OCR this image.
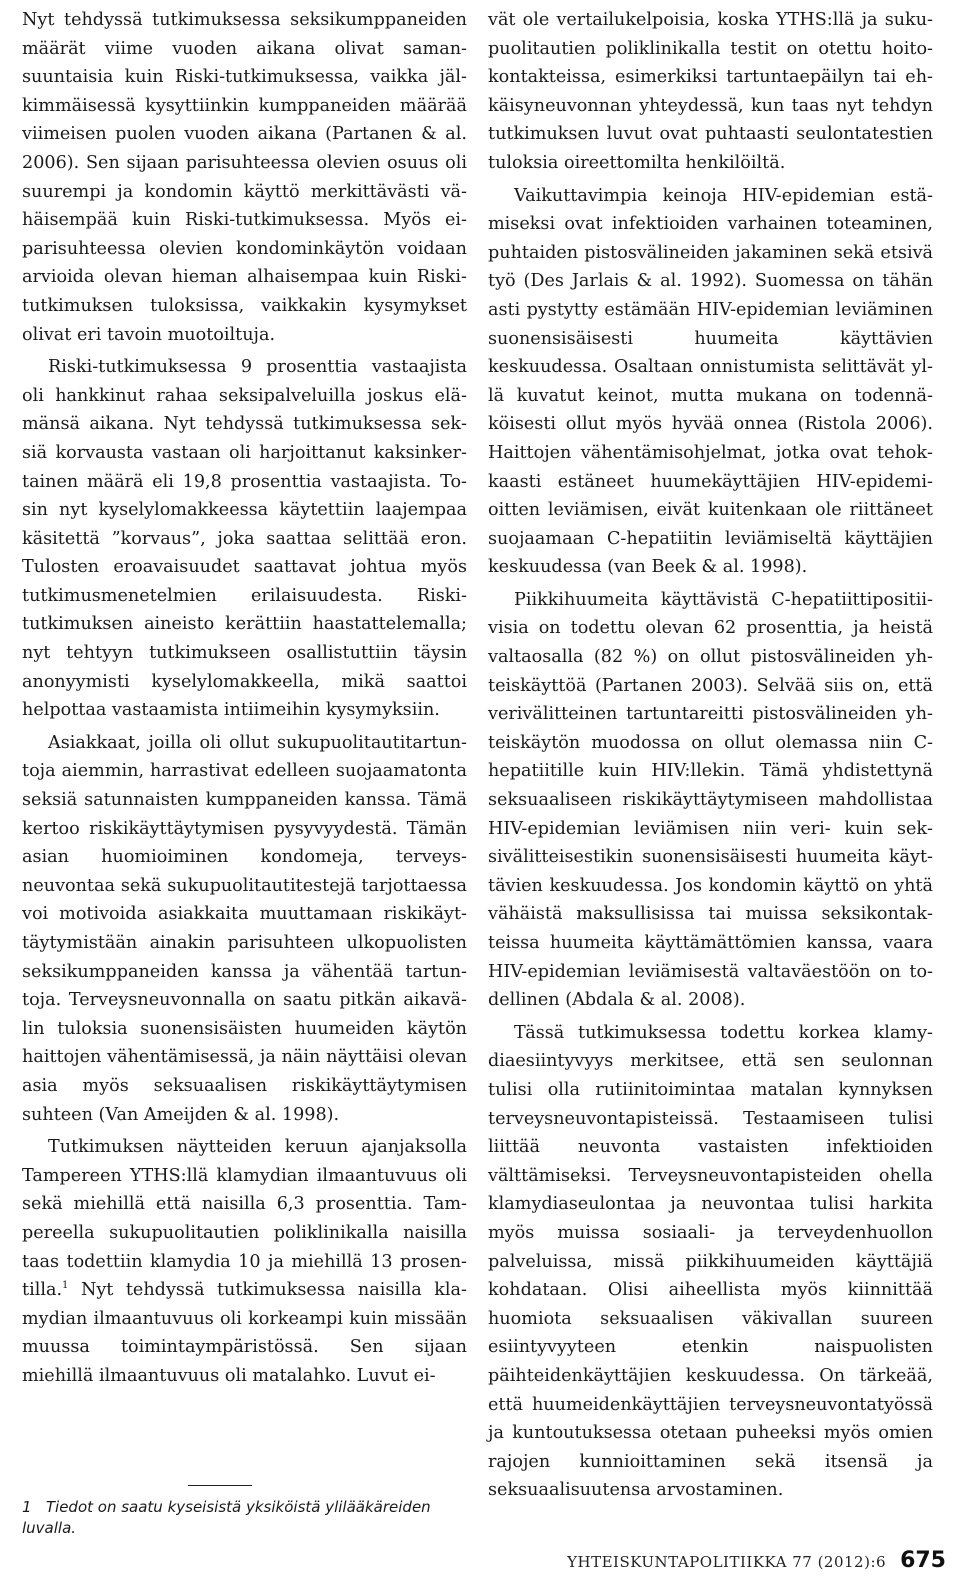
Nyt tehdyssä tutkimuksessa seksikumppaneiden määrät viime vuoden aikana olivat samansuuntaisia kuin Riski-tutkimuksessa, vaikka jälkimmäisessä kysyttiinkin kumppaneiden määrää viimeisen puolen vuoden aikana (Partanen & al. 2006). Sen sijaan parisuhteessa olevien osuus oli suurempi ja kondomin käyttö merkittävästi vähäisempää kuin Riski-tutkimuksessa. Myös ei-parisuhteessa olevien kondominkäytön voidaan arvioida olevan hieman alhaisempaa kuin Riski-tutkimuksen tuloksissa, vaikkakin kysymykset olivat eri tavoin muotoiltuja.

Riski-tutkimuksessa 9 prosenttia vastaajista oli hankkinut rahaa seksipalveluilla joskus elämänsä aikana. Nyt tehdyssä tutkimuksessa seksiä korvausta vastaan oli harjoittanut kaksinkertainen määrä eli 19,8 prosenttia vastaajista. Tosin nyt kyselylomakkeessa käytettiin laajempaa käsitettä ”korvaus”, joka saattaa selittää eron. Tulosten eroavaisuudet saattavat johtua myös tutkimusmenetelmien erilaisuudesta. Riski-tutkimuksen aineisto kerättiin haastattelemalla; nyt tehtyyn tutkimukseen osallistuttiin täysin anonyymisti kyselylomakkeella, mikä saattoi helpottaa vastaamista intiimeihin kysymyksiin.

Asiakkaat, joilla oli ollut sukupuolitautitartuntoja aiemmin, harrastivat edelleen suojaamatonta seksiä satunnaisten kumppaneiden kanssa. Tämä kertoo riskikäyttäytymisen pysyvyydestä. Tämän asian huomioiminen kondomeja, terveysneuvontaa sekä sukupuolitautitestejä tarjottaessa voi motivoida asiakkaita muuttamaan riskikäyttäytymistään ainakin parisuhteen ulkopuolisten seksikumppaneiden kanssa ja vähentää tartuntoja. Terveysneuvonnalla on saatu pitkän aikavälin tuloksia suonensisäisten huumeiden käytön haittojen vähentämisessä, ja näin näyttäisi olevan asia myös seksuaalisen riskikäyttäytymisen suhteen (Van Ameijden & al. 1998).

Tutkimuksen näytteiden keruun ajanjaksolla Tampereen YTHS:llä klamydian ilmaantuvuus oli sekä miehillä että naisilla 6,3 prosenttia. Tampereella sukupuolitautien poliklinikalla naisilla taas todettiin klamydia 10 ja miehillä 13 prosentilla.$^1$ Nyt tehdyssä tutkimuksessa naisilla klamydian ilmaantuvuus oli korkeampi kuin missään muussa toimintaympäristössä. Sen sijaan miehillä ilmaantuvuus oli matalahko. Luvut ei-

vät ole vertailukelpoisia, koska YTHS:llä ja sukupuolitautien poliklinikalla testit on otettu hoitokontakteissa, esimerkiksi tartuntaepäilyn tai ehkäisyneuvonnan yhteydessä, kun taas nyt tehdyn tutkimuksen luvut ovat puhtaasti seulontatestien tuloksia oireettomilta henkilöiltä.

Vaikuttavimpia keinoja HIV-epidemian estämiseksi ovat infektioiden varhainen toteaminen, puhtaiden pistosvälineiden jakaminen sekä etsivä työ (Des Jarlais & al. 1992). Suomessa on tähän asti pystytty estämään HIV-epidemian leviäminen suonensisäisesti huumeita käyttävien keskuudessa. Osaltaan onnistumista selittävät yllä kuvatut keinot, mutta mukana on todennäköisesti ollut myös hyvää onnea (Ristola 2006). Haittojen vähentämisohjelmat, jotka ovat tehokkaasti estäneet huumekäyttäjien HIV-epidemioitten leviämisen, eivät kuitenkaan ole riittäneet suojaamaan C-hepatiitin leviämiseltä käyttäjien keskuudessa (van Beek & al. 1998).

Piikkihuumeita käyttävistä C-hepatiittipositiivisia on todettu olevan 62 prosenttia, ja heistä valtaosalla (82 %) on ollut pistosvälineiden yhteiskäyttöä (Partanen 2003). Selvää siis on, että verivälitteinen tartuntareitti pistosvälineiden yhteiskäytön muodossa on ollut olemassa niin C-hepatiitille kuin HIV:llekin. Tämä yhdistettynä seksuaaliseen riskikäyttäytymiseen mahdollistaa HIV-epidemian leviämisen niin veri- kuin seksivälitteisestikin suonensisäisesti huumeita käyttävien keskuudessa. Jos kondomin käyttö on yhtä vähäistä maksullisissa tai muissa seksikontakteissa huumeita käyttämättömien kanssa, vaara HIV-epidemian leviämisestä valtaväestöön on todellinen (Abdala & al. 2008).

Tässä tutkimuksessa todettu korkea klamydiaesiintyvyys merkitsee, että sen seulonnan tulisi olla rutiinitoimintaa matalan kynnyksen terveysneuvontapisteissä. Testaamiseen tulisi liittää neuvonta vastaisten infektioiden välttämiseksi. Terveysneuvontapisteiden ohella klamydiaseulontaa ja neuvontaa tulisi harkita myös muissa sosiaali- ja terveydenhuollon palveluissa, missä piikkihuumeiden käyttäjiä kohdataan. Olisi aiheellista myös kiinnittää huomiota seksuaalisen väkivallan suureen esiintyvyyteen etenkin naispuolisten päihteidenkäyttäjien keskuudessa. On tärkeää, että huumeidenkäyttäjien terveysneuvontatyössä ja kuntoutuksessa otetaan puheeksi myös omien rajojen kunnioittaminen sekä itsensä ja seksuaalisuutensa arvostaminen.

1 Tiedot on saatu kyseisistä yksiköistä ylilääkäreiden luvalla.
YHTEISKUNTAPOLITIIKKA 77 (2012):6 675
